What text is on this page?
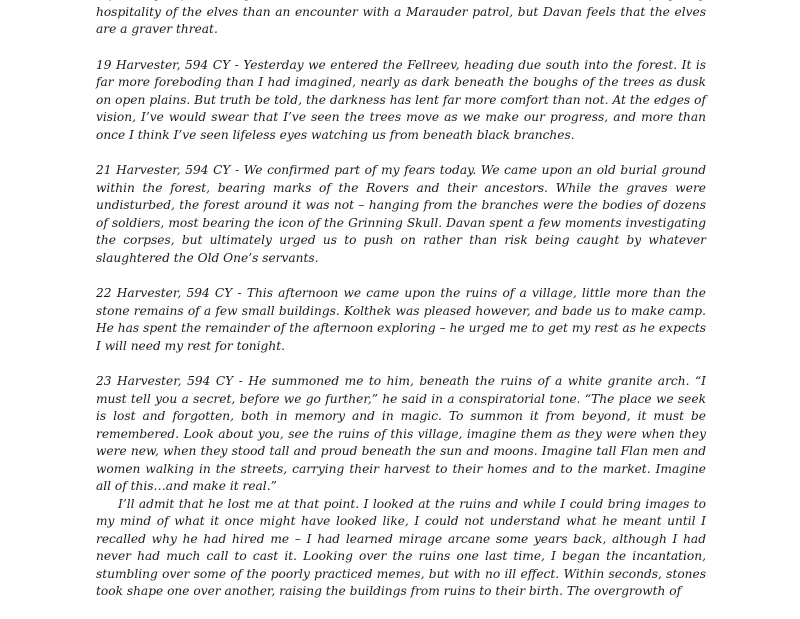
hospitality of the elves than an encounter with a Marauder patrol, but Davan feels that the elves are a graver threat.

19 Harvester, 594 CY - Yesterday we entered the Fellreev, heading due south into the forest. It is far more foreboding than I had imagined, nearly as dark beneath the boughs of the trees as dusk on open plains. But truth be told, the darkness has lent far more comfort than not. At the edges of vision, I’ve would swear that I’ve seen the trees move as we make our progress, and more than once I think I’ve seen lifeless eyes watching us from beneath black branches.

21 Harvester, 594 CY - We confirmed part of my fears today. We came upon an old burial ground within the forest, bearing marks of the Rovers and their ancestors. While the graves were undisturbed, the forest around it was not – hanging from the branches were the bodies of dozens of soldiers, most bearing the icon of the Grinning Skull. Davan spent a few moments investigating the corpses, but ultimately urged us to push on rather than risk being caught by whatever slaughtered the Old One’s servants.

22 Harvester, 594 CY - This afternoon we came upon the ruins of a village, little more than the stone remains of a few small buildings. Kolthek was pleased however, and bade us to make camp. He has spent the remainder of the afternoon exploring – he urged me to get my rest as he expects I will need my rest for tonight.

23 Harvester, 594 CY - He summoned me to him, beneath the ruins of a white granite arch. “I must tell you a secret, before we go further,” he said in a conspiratorial tone. “The place we seek is lost and forgotten, both in memory and in magic. To summon it from beyond, it must be remembered. Look about you, see the ruins of this village, imagine them as they were when they were new, when they stood tall and proud beneath the sun and moons. Imagine tall Flan men and women walking in the streets, carrying their harvest to their homes and to the market. Imagine all of this…and make it real.”

I’ll admit that he lost me at that point. I looked at the ruins and while I could bring images to my mind of what it once might have looked like, I could not understand what he meant until I recalled why he had hired me – I had learned mirage arcane some years back, although I had never had much call to cast it. Looking over the ruins one last time, I began the incantation, stumbling over some of the poorly practiced memes, but with no ill effect. Within seconds, stones took shape one over another, raising the buildings from ruins to their birth. The overgrowth of
